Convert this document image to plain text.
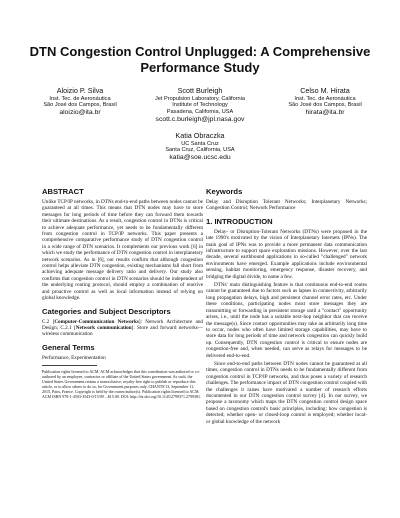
DTN Congestion Control Unplugged: A Comprehensive Performance Study
Aloizio P. Silva
Inst. Tec. de Aeronáutica
São José dos Campos, Brasil
aloizio@ita.br
Scott Burleigh
Jet Propulsion Laboratory, California Institute of Technology
Pasadena, California, USA
scott.c.burleigh@jpl.nasa.gov
Celso M. Hirata
Inst. Tec. de Aeronáutica
São José dos Campos, Brasil
hirata@ita.br
Katia Obraczka
UC Santa Cruz
Santa Cruz, California, USA
katia@soe.ucsc.edu
ABSTRACT

Unlike TCP/IP networks, in DTNs end-to-end paths between nodes cannot be guaranteed at all times. This means that DTN nodes may have to store messages for long periods of time before they can forward them towards their ultimate destinations. As a result, congestion control in DTNs is critical to achieve adequate performance, yet needs to be fundamentally different from congestion control in TCP/IP networks. This paper presents a comprehensive comparative performance study of DTN congestion control in a wide range of DTN scenarios. It complements our previous work [6] in which we study the performance of DTN congestion control in interplanetary network scenarios. As in [6], our results confirm that although congestion control helps alleviate DTN congestion, existing mechanisms fall short from achieving adequate message delivery ratio and delivery. Our study also confirms that congestion control in DTN scenarios should be independent of the underlying routing protocol, should employ a combination of reactive and proactive control as well as local information instead of relying on global knowledge.

Categories and Subject Descriptors

C.2 [Computer-Communication Networks]: Network Architecture and Design; C.2.1 [Network communication]: Store and forward networks—wireless communication

General Terms

Performance, Experimentation

Publication rights licensed to ACM. ACM acknowledges that this contribution was authored or co-authored by an employee, contractor or affiliate of the United States government. As such, the United States Government retains a nonexclusive, royalty-free right to publish or reproduce this article, or to allow others to do so, for Government purposes only. CHANTS'13, September 11, 2015, Paris, France. Copyright is held by the owner/author(s). Publication rights licensed to ACM. ACM ISBN 978-1-4503-3543-0/15/09 ...$15.00. DOI: http://dx.doi.org/10.1145/2799371.2799381.

Keywords

Delay and Disruption Tolerant Networks; Interplanetary Networks; Congestion Control; Network Performance

1. INTRODUCTION

Delay- or Disruption-Tolerant Networks (DTNs) were proposed in the late 1990's motivated by the vision of Interplanetary Internets (IPNs). The main goal of IPNs was to provide a more permanent data communication infrastructure to support space exploration missions. However, over the last decade, several earthbound applications in so-called "challenged" network environments have emerged. Example applications include environmental sensing, habitat monitoring, emergency response, disaster recovery, and bridging the digital divide, to name a few.

DTNs' main distinguishing feature is that continuous end-to-end routes cannot be guaranteed due to factors such as lapses in connectivity, arbitrarily long propagation delays, high and persistent channel error rates, etc. Under these conditions, participating nodes must store messages they are transmitting or forwarding in persistent storage until a "contact" opportunity arises, i.e., until the node has a suitable next-hop neighbor that can receive the message(s). Since contact opportunities may take an arbitrarily long time to occur, nodes who often have limited storage capabilities, may have to store data for long periods of time and network congestion can quickly build up. Consequently, DTN congestion control is critical to ensure nodes are congestion-free and, when needed, can serve as relays for messages to be delivered end-to-end.

Since end-to-end paths between DTN nodes cannot be guaranteed at all times, congestion control in DTNs needs to be fundamentally different from congestion control in TCP/IP networks, and thus poses a variety of research challenges. The performance impact of DTN congestion control coupled with the challenges it raises have motivated a number of research efforts documented in our DTN congestion control survey [4]. In our survey, we propose a taxonomy which maps the DTN congestion control design space based on congestion control's basic principles, including: how congestion is detected; whether open- or closed-loop control is employed; whether local- or global knowledge of the network
